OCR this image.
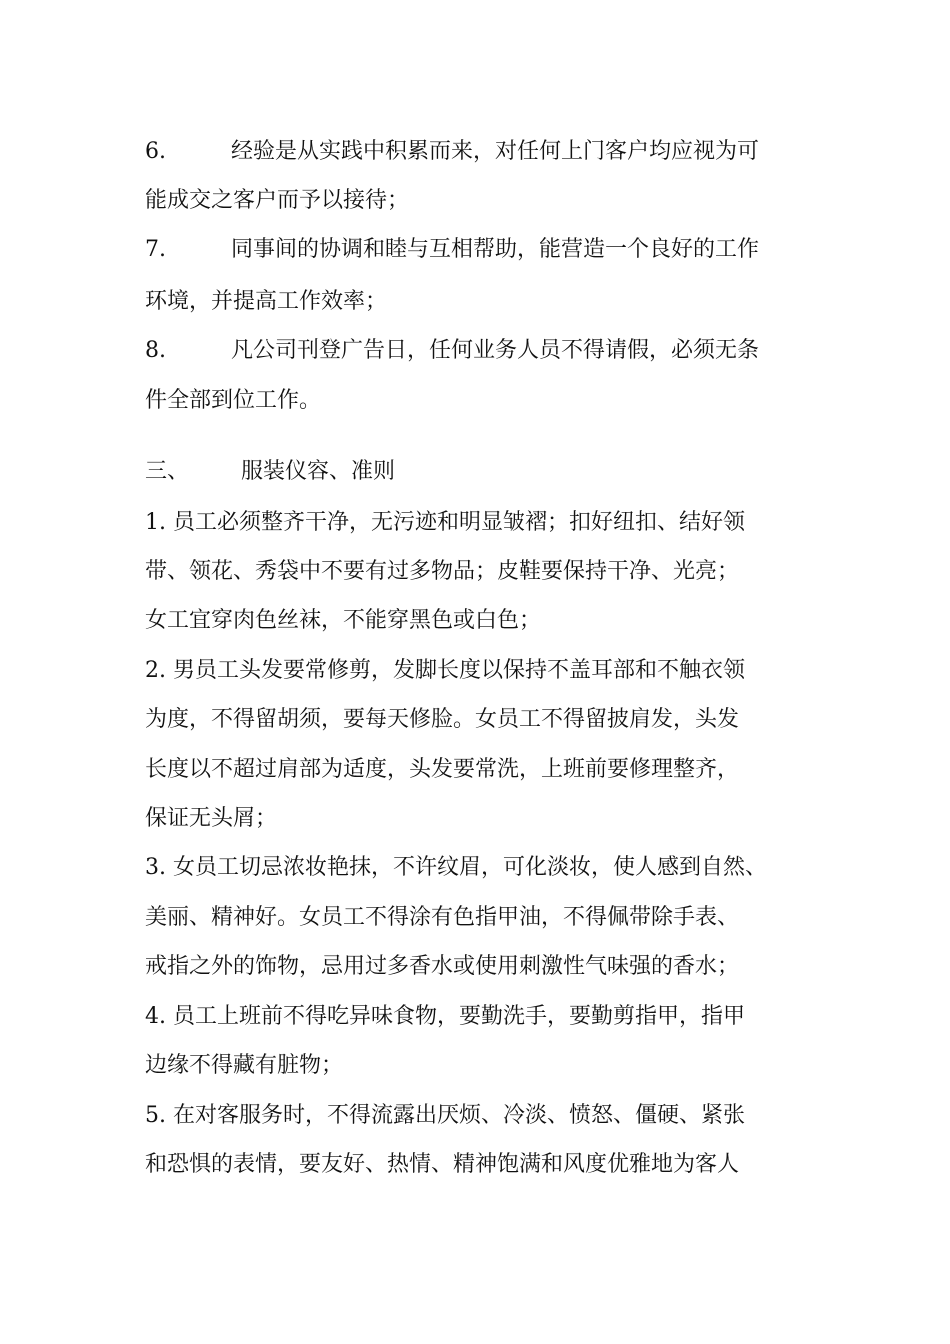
6.	经验是从实践中积累而来，对任何上门客户均应视为可
能成交之客户而予以接待；
7.	同事间的协调和睦与互相帮助，能营造一个良好的工作
环境，并提高工作效率；
8.	凡公司刊登广告日，任何业务人员不得请假，必须无条
件全部到位工作。
三、 服装仪容、准则
1. 员工必须整齐干净，无污迹和明显皱褶；扣好纽扣、结好领
带、领花、秀袋中不要有过多物品；皮鞋要保持干净、光亮；
女工宜穿肉色丝袜，不能穿黑色或白色；
2. 男员工头发要常修剪，发脚长度以保持不盖耳部和不触衣领
为度，不得留胡须，要每天修脸。女员工不得留披肩发，头发
长度以不超过肩部为适度，头发要常洗，上班前要修理整齐，
保证无头屑；
3. 女员工切忌浓妆艳抹，不许纹眉，可化淡妆，使人感到自然、
美丽、精神好。女员工不得涂有色指甲油，不得佩带除手表、
戒指之外的饰物，忌用过多香水或使用刺激性气味强的香水；
4. 员工上班前不得吃异味食物，要勤洗手，要勤剪指甲，指甲
边缘不得藏有脏物；
5. 在对客服务时，不得流露出厌烦、冷淡、愤怒、僵硬、紧张
和恐惧的表情，要友好、热情、精神饱满和风度优雅地为客人
